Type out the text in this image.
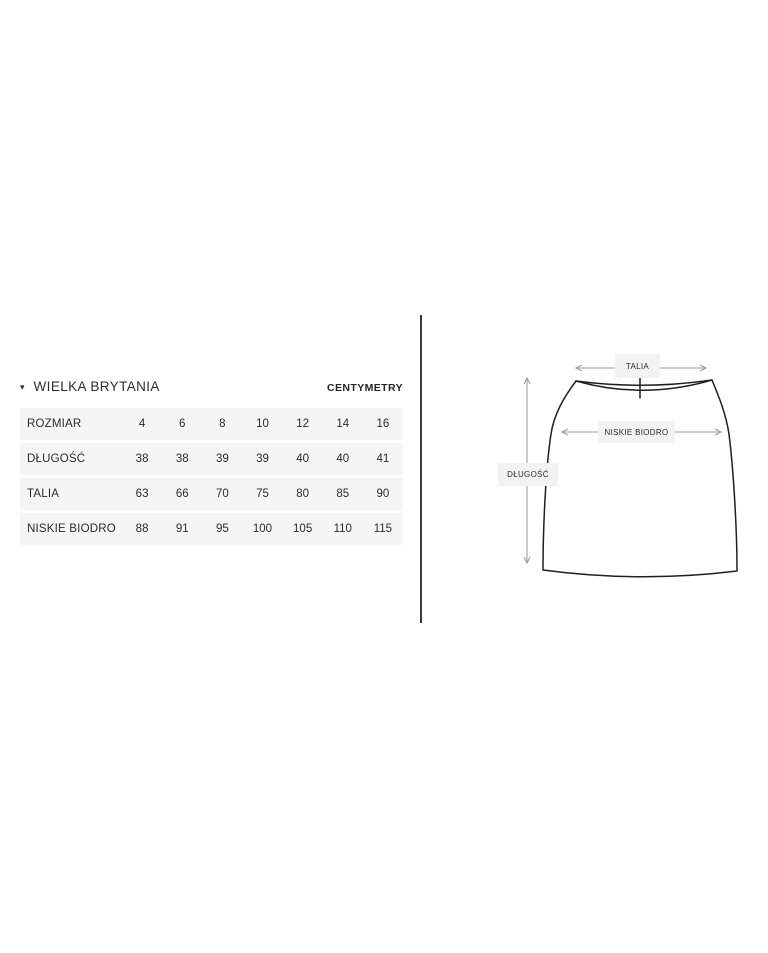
▾ WIELKA BRYTANIA	CENTYMETRY
ROZMIAR	4	6	8	10	12	14	16
DŁUGOŚĆ	38	38	39	39	40	40	41
TALIA	63	66	70	75	80	85	90
NISKIE BIODRO	88	91	95	100	105	110	115
TALIA
NISKIE BIODRO
DŁUGOŚĆ
